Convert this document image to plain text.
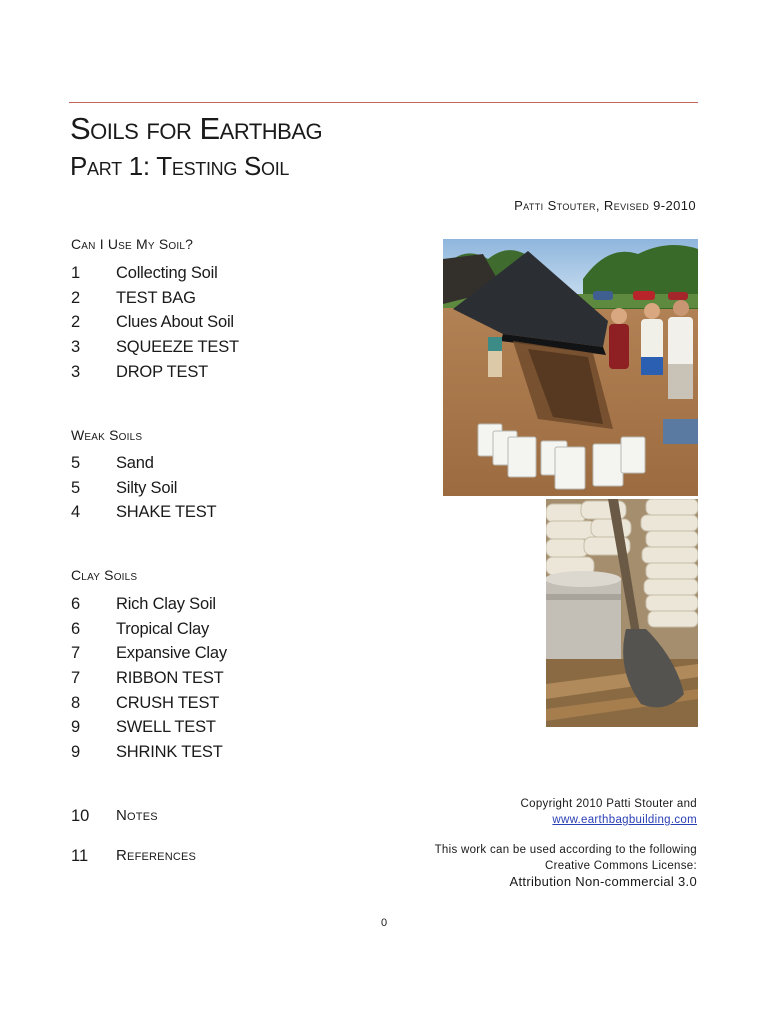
Soils for Earthbag
Part 1: Testing Soil
Patti Stouter, Revised 9-2010
Can I Use My Soil?
1	Collecting Soil
2	TEST BAG
2	Clues About Soil
3	SQUEEZE TEST
3	DROP TEST
Weak Soils
5	Sand
5	Silty Soil
4	SHAKE TEST
Clay Soils
6	Rich Clay Soil
6	Tropical Clay
7	Expansive Clay
7	RIBBON TEST
8	CRUSH TEST
9	SWELL TEST
9	SHRINK TEST
10	Notes
11	References
Copyright 2010 Patti Stouter and
www.earthbagbuilding.com
This work can be used according to the following
Creative Commons License:
Attribution Non-commercial 3.0
0
